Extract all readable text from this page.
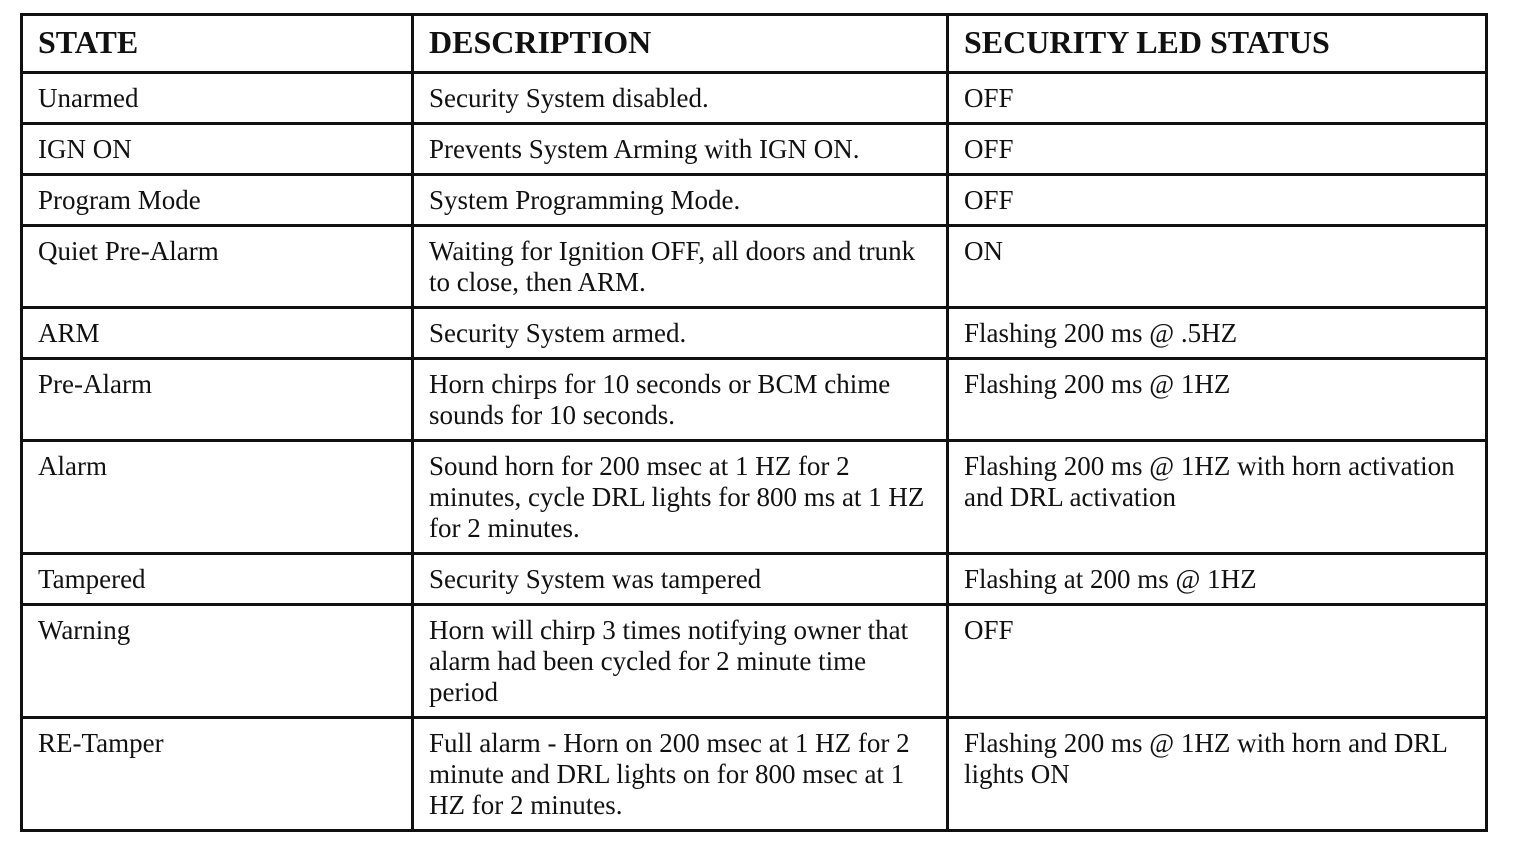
STATE	DESCRIPTION	SECURITY LED STATUS
Unarmed	Security System disabled.	OFF
IGN ON	Prevents System Arming with IGN ON.	OFF
Program Mode	System Programming Mode.	OFF
Quiet Pre-Alarm	Waiting for Ignition OFF, all doors and trunk to close, then ARM.	ON
ARM	Security System armed.	Flashing 200 ms @ .5HZ
Pre-Alarm	Horn chirps for 10 seconds or BCM chime sounds for 10 seconds.	Flashing 200 ms @ 1HZ
Alarm	Sound horn for 200 msec at 1 HZ for 2 minutes, cycle DRL lights for 800 ms at 1 HZ for 2 minutes.	Flashing 200 ms @ 1HZ with horn activation and DRL activation
Tampered	Security System was tampered	Flashing at 200 ms @ 1HZ
Warning	Horn will chirp 3 times notifying owner that alarm had been cycled for 2 minute time period	OFF
RE-Tamper	Full alarm - Horn on 200 msec at 1 HZ for 2 minute and DRL lights on for 800 msec at 1 HZ for 2 minutes.	Flashing 200 ms @ 1HZ with horn and DRL lights ON
